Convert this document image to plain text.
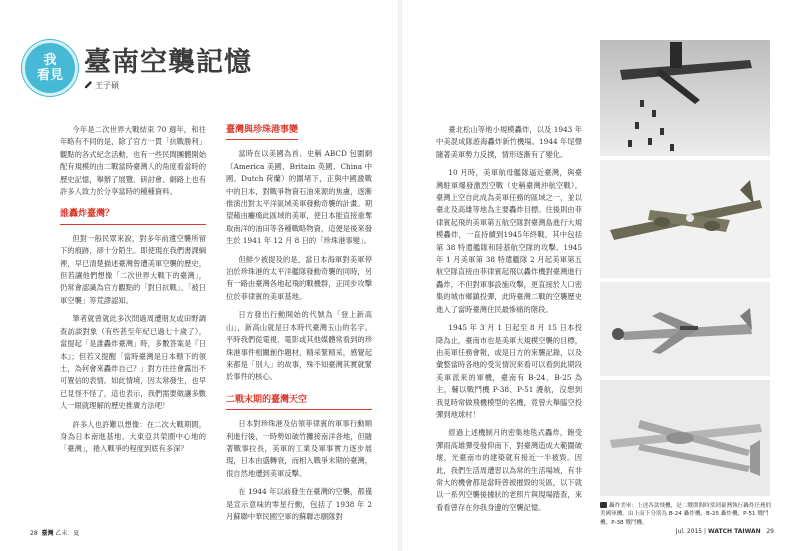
我
看見 臺南空襲記憶
王子碩

今年是二次世界大戰結束 70 週年，和往年略有不同的是，除了官方一貫「抗戰勝利」觀點的各式紀念活動，也有一些民間團體開始配有規模的由二戰當時臺灣人的角度看當時的歷史記憶，舉辦了展覽、研討會、網路上也有許多人致力於分享當時的種種資料。

誰轟炸臺灣？

但對一般民眾來說，對多年前遺空襲所留下的痕跡，卻十分陌生。即使現在我們書課綱裡，早已清楚描述臺灣曾遭美軍空襲的歷史，但若讓他們想像「二次世界大戰下的臺灣」，仍常會認識為官方觀點的「對日抗戰」、「被日軍空襲」等荒謬認知。

筆者就曾就此多次問過周遭朋友或田野調查訪談對象（有些甚至年紀已過七十歲了），當提起「是誰轟炸臺灣」時，多數答案是『日本』；但若又提醒「當時臺灣是日本轄下的領土，為何會來轟炸自己？」對方往往會露出不可置信的表情。如此情境，因太常發生，也早已見怪不怪了，這也表示，我們需要做讓多數人一眼就理解的歷史推廣方法吧！

許多人也許難以想像：在二次大戰期間，身為日本南進基地、大東亞共榮圈中心地的「臺灣」，捲入戰爭的程度到底有多深？

臺灣與珍珠港事變

當時在以美國為首、史稱 ABCD 包圍網（America 美國、Britain 英國、China 中國、Dutch 荷蘭）的圍堵下，正與中國激戰中的日本，對戰爭物資石油來源的焦慮，逐漸推演出對太平洋區域美軍發動奇襲的計畫。期望藉由癱瘓此區域的美軍，使日本能直接重奪取南洋的油田等各種戰略物資，這便是後來發生於 1941 年 12 月 8 日的「珍珠港事變」。

但鮮少被提及的是，當日本海軍對美軍停泊於珍珠港的太平洋艦隊發動奇襲的同時，另有一路由臺灣各地起飛的戰機群，正同步攻擊位於菲律賓的美軍基地。

日方發出行動開始的代號為「登上新高山」，新高山就是日本時代臺灣玉山的名字。平時我們從電視、電影或其他媒體常看到的珍珠港事件相關創作題材，精采緊精采，感覺起來都是「別人」的故事，殊不知臺灣其實就緊於事件的核心。

二戰末期的臺灣天空

日本對珍珠港及佔領菲律賓的軍事行動順利進行後，一時勢如破竹攤接南洋各地，但隨著戰事拉長，美軍的工業及軍事實力逐步展現，日本由盛轉衰，而相入戰爭末期的臺灣，很自然地遭到美軍反擊。

在 1944 年以前發生在臺灣的空襲，都僅是宣示意味的零星行動，包括了 1938 年 2 月蘇聯中華民國空軍的蘇聯志願隊對

臺北松山等地小規模轟炸，以及 1943 年中美混成隊遊海轟炸新竹機場。1944 年尾聲隨著美軍勢力反撲，情形逐漸有了變化。

10 月時，美軍航母艦隊逼近臺灣，與臺灣駐軍爆發激烈空戰（史稱臺灣沖航空戰），臺灣上空自此成為美軍任務的區域之一，並以臺北及高雄等地為主要轟炸目標。往後則由菲律賓起飛的美軍第五航空隊對臺灣島進行大規模轟炸，一直持續到1945年終戰，其中包括第 38 特遣艦隊和陸基航空隊的攻擊。1945 年 1 月美軍第 38 特遣艦隊 2 月起美軍第五航空隊直接由菲律賓起飛以轟炸機對臺灣進行轟炸，不但對軍事設施攻擊，更直接於人口密集的城市鄉鎮投彈，此時臺灣二戰的空襲歷史進入了當時臺灣住民最慘痛的階段。

1945 年 3 月 1 日起至 8 月 15 日本投降為止，臺南市也是美軍大規模空襲的目標，由美軍任務會報，或是日方的來襲記錄，以及彙整當時各地的受災情況來看可以看到此期段美軍派來的軍機，臺南有 B-24、B-25 為主，輔以戰鬥機 P-38、P-51 護航，沒想到我見時常做飛機模型的名機，竟曾大舉臨空投彈到地球村！

經過上述機制月的密集地毯式轟炸，飽受彈雨高雄彈受發仰南下，對臺灣造成大範圍破壞，光臺南市的建築就有接近一半被毀。因此，我們生活周遭習以為常的生活場域，有非常大的機會都是當時曾被摧毀的災區，以下就以一系列空襲後據狀的老照片與現場踏查，來看看曾存在你我身邊的空襲記憶。	轟炸美軍：上述各款飛機，是二戰期間時常到臺灣執行轟炸任務的美國軍機。由上而下分別為 B-24 轟炸機、B-25 轟炸機、P-51 戰鬥機、P-38 戰鬥機。
28 臺灣 乙未．夏	Jul. 2015 | WATCH TAIWAN 29
